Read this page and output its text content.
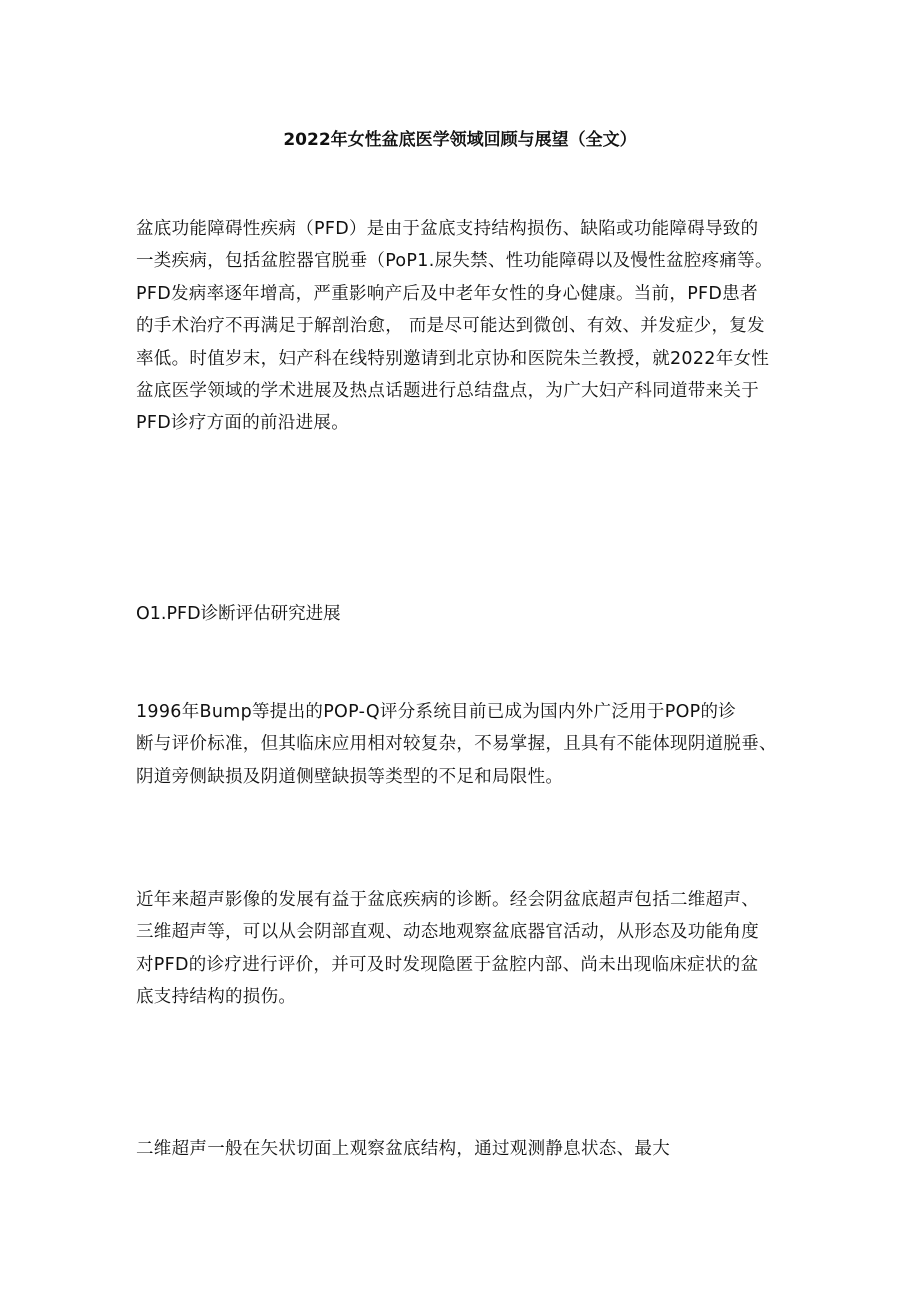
2022年女性盆底医学领域回顾与展望（全文）

盆底功能障碍性疾病（PFD）是由于盆底支持结构损伤、缺陷或功能障碍导致的
一类疾病，包括盆腔器官脱垂（PoP1.尿失禁、性功能障碍以及慢性盆腔疼痛等。
PFD发病率逐年增高，严重影响产后及中老年女性的身心健康。当前，PFD患者
的手术治疗不再满足于解剖治愈， 而是尽可能达到微创、有效、并发症少，复发
率低。时值岁末，妇产科在线特别邀请到北京协和医院朱兰教授，就2022年女性
盆底医学领域的学术进展及热点话题进行总结盘点，为广大妇产科同道带来关于
PFD诊疗方面的前沿进展。

O1.PFD诊断评估研究进展

1996年Bump等提出的POP-Q评分系统目前已成为国内外广泛用于POP的诊
断与评价标准，但其临床应用相对较复杂，不易掌握，且具有不能体现阴道脱垂、
阴道旁侧缺损及阴道侧壁缺损等类型的不足和局限性。

近年来超声影像的发展有益于盆底疾病的诊断。经会阴盆底超声包括二维超声、
三维超声等，可以从会阴部直观、动态地观察盆底器官活动，从形态及功能角度
对PFD的诊疗进行评价，并可及时发现隐匿于盆腔内部、尚未出现临床症状的盆
底支持结构的损伤。

二维超声一般在矢状切面上观察盆底结构，通过观测静息状态、最大
